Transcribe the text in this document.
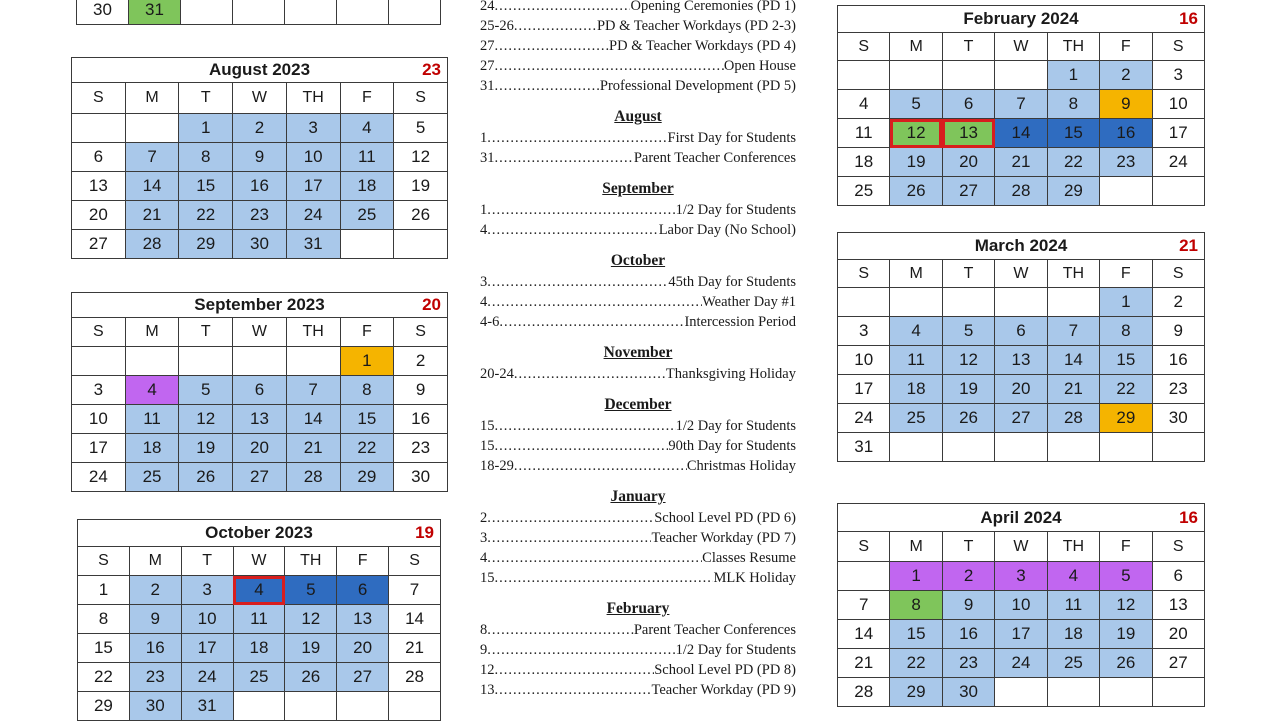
30	31					
August 2023 23						

S	M	T	W	TH	F	S
		1	2	3	4	5
6	7	8	9	10	11	12
13	14	15	16	17	18	19
20	21	22	23	24	25	26
27	28	29	30	31		
September 2023 20						

S	M	T	W	TH	F	S
					1	2
3	4	5	6	7	8	9
10	11	12	13	14	15	16
17	18	19	20	21	22	23
24	25	26	27	28	29	30
October 2023 19						

S	M	T	W	TH	F	S
1	2	3	4	5	6	7
8	9	10	11	12	13	14
15	16	17	18	19	20	21
22	23	24	25	26	27	28
29	30	31				
February 2024 16						

S	M	T	W	TH	F	S
				1	2	3
4	5	6	7	8	9	10
11	12	13	14	15	16	17
18	19	20	21	22	23	24
25	26	27	28	29		
March 2024 21						

S	M	T	W	TH	F	S
					1	2
3	4	5	6	7	8	9
10	11	12	13	14	15	16
17	18	19	20	21	22	23
24	25	26	27	28	29	30
31						
April 2024 16						

S	M	T	W	TH	F	S
	1	2	3	4	5	6
7	8	9	10	11	12	13
14	15	16	17	18	19	20
21	22	23	24	25	26	27
28	29	30				
24 .....	Opening Ceremonies (PD 1)
25-26 .....	PD & Teacher Workdays (PD 2-3)
27 .....	PD & Teacher Workdays (PD 4)
27 .....	Open House
31 .....	Professional Development (PD 5)
August
1 .....	First Day for Students
31 .....	Parent Teacher Conferences
September
1 .....	1/2 Day for Students
4 .....	Labor Day (No School)
October
3 .....	45th Day for Students
4 .....	Weather Day #1
4-6 .....	Intercession Period
November
20-24 .....	Thanksgiving Holiday
December
15 .....	1/2 Day for Students
15 .....	90th Day for Students
18-29 .....	Christmas Holiday
January
2 .....	School Level PD (PD 6)
3 .....	Teacher Workday (PD 7)
4 .....	Classes Resume
15 .....	MLK Holiday
February
8 .....	Parent Teacher Conferences
9 .....	1/2 Day for Students
12 .....	School Level PD (PD 8)
13 .....	Teacher Workday (PD 9)
